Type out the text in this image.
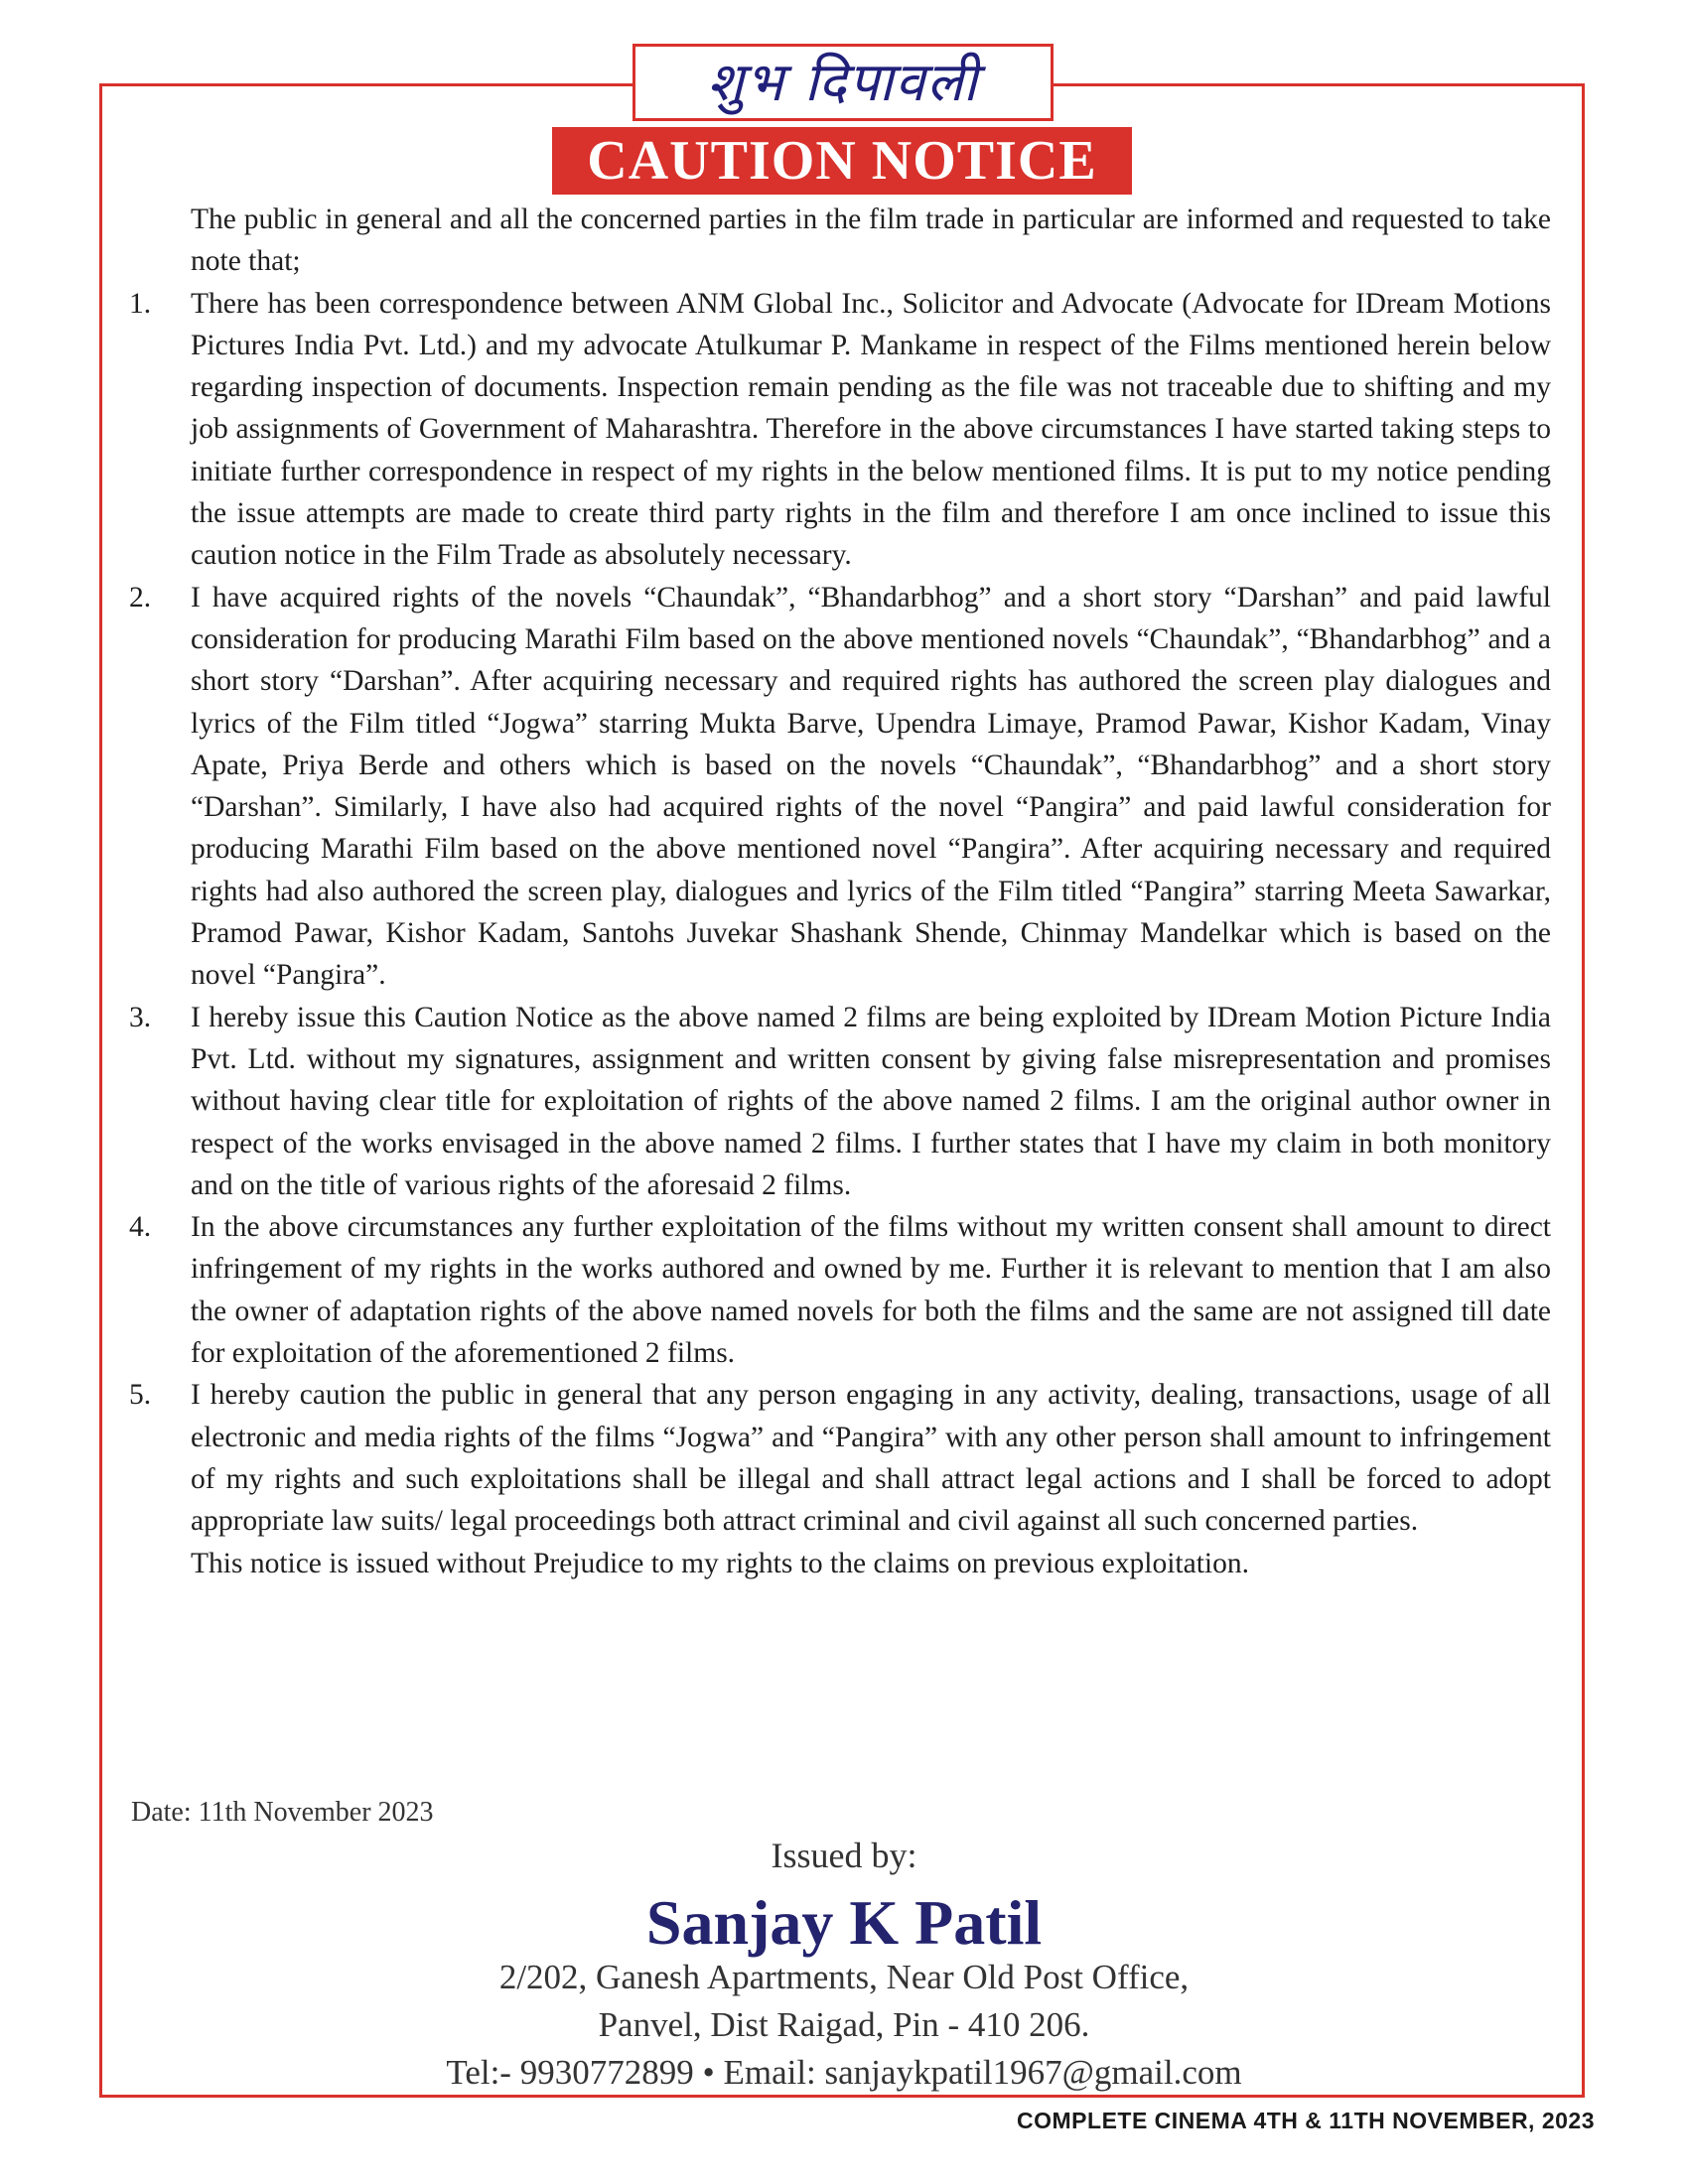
शुभ दिपावली
CAUTION NOTICE

The public in general and all the concerned parties in the film trade in particular are informed and requested to take note that;

1.	There has been correspondence between ANM Global Inc., Solicitor and Advocate (Advocate for IDream Motions Pictures India Pvt. Ltd.) and my advocate Atulkumar P. Mankame in respect of the Films mentioned herein below regarding inspection of documents. Inspection remain pending as the file was not traceable due to shifting and my job assignments of Government of Maharashtra. Therefore in the above circumstances I have started taking steps to initiate further correspondence in respect of my rights in the below mentioned films. It is put to my notice pending the issue attempts are made to create third party rights in the film and therefore I am once inclined to issue this caution notice in the Film Trade as absolutely necessary.

2.	I have acquired rights of the novels “Chaundak”, “Bhandarbhog” and a short story “Darshan” and paid lawful consideration for producing Marathi Film based on the above mentioned novels “Chaundak”, “Bhandarbhog” and a short story “Darshan”. After acquiring necessary and required rights has authored the screen play dialogues and lyrics of the Film titled “Jogwa” starring Mukta Barve, Upendra Limaye, Pramod Pawar, Kishor Kadam, Vinay Apate, Priya Berde and others which is based on the novels “Chaundak”, “Bhandarbhog” and a short story “Darshan”. Similarly, I have also had acquired rights of the novel “Pangira” and paid lawful consideration for producing Marathi Film based on the above mentioned novel “Pangira”. After acquiring necessary and required rights had also authored the screen play, dialogues and lyrics of the Film titled “Pangira” starring Meeta Sawarkar, Pramod Pawar, Kishor Kadam, Santohs Juvekar Shashank Shende, Chinmay Mandelkar which is based on the novel “Pangira”.

3.	I hereby issue this Caution Notice as the above named 2 films are being exploited by IDream Motion Picture India Pvt. Ltd. without my signatures, assignment and written consent by giving false misrepresentation and promises without having clear title for exploitation of rights of the above named 2 films. I am the original author owner in respect of the works envisaged in the above named 2 films. I further states that I have my claim in both monitory and on the title of various rights of the aforesaid 2 films.

4.	In the above circumstances any further exploitation of the films without my written consent shall amount to direct infringement of my rights in the works authored and owned by me. Further it is relevant to mention that I am also the owner of adaptation rights of the above named novels for both the films and the same are not assigned till date for exploitation of the aforementioned 2 films.

5.	I hereby caution the public in general that any person engaging in any activity, dealing, transactions, usage of all electronic and media rights of the films “Jogwa” and “Pangira” with any other person shall amount to infringement of my rights and such exploitations shall be illegal and shall attract legal actions and I shall be forced to adopt appropriate law suits/ legal proceedings both attract criminal and civil against all such concerned parties.

This notice is issued without Prejudice to my rights to the claims on previous exploitation.

Date: 11th November 2023
Issued by:
Sanjay K Patil
2/202, Ganesh Apartments, Near Old Post Office,
Panvel, Dist Raigad, Pin - 410 206.
Tel:- 9930772899 • Email: sanjaykpatil1967@gmail.com
COMPLETE CINEMA 4TH & 11TH NOVEMBER, 2023
